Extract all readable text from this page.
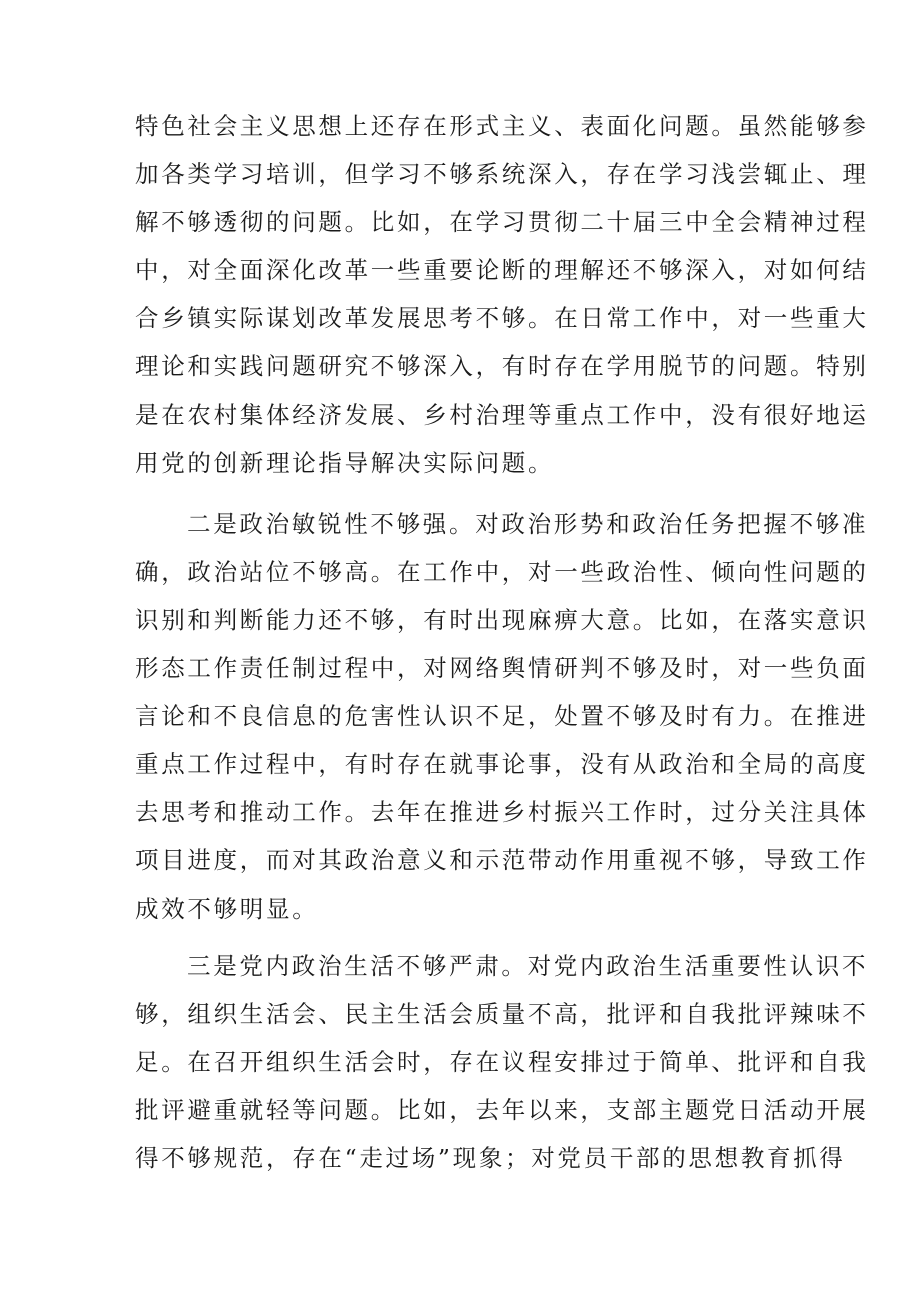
特色社会主义思想上还存在形式主义、表面化问题。虽然能够参
加各类学习培训，但学习不够系统深入，存在学习浅尝辄止、理
解不够透彻的问题。比如，在学习贯彻二十届三中全会精神过程
中，对全面深化改革一些重要论断的理解还不够深入，对如何结
合乡镇实际谋划改革发展思考不够。在日常工作中，对一些重大
理论和实践问题研究不够深入，有时存在学用脱节的问题。特别
是在农村集体经济发展、乡村治理等重点工作中，没有很好地运
用党的创新理论指导解决实际问题。
二是政治敏锐性不够强。对政治形势和政治任务把握不够准
确，政治站位不够高。在工作中，对一些政治性、倾向性问题的
识别和判断能力还不够，有时出现麻痹大意。比如，在落实意识
形态工作责任制过程中，对网络舆情研判不够及时，对一些负面
言论和不良信息的危害性认识不足，处置不够及时有力。在推进
重点工作过程中，有时存在就事论事，没有从政治和全局的高度
去思考和推动工作。去年在推进乡村振兴工作时，过分关注具体
项目进度，而对其政治意义和示范带动作用重视不够，导致工作
成效不够明显。
三是党内政治生活不够严肃。对党内政治生活重要性认识不
够，组织生活会、民主生活会质量不高，批评和自我批评辣味不
足。在召开组织生活会时，存在议程安排过于简单、批评和自我
批评避重就轻等问题。比如，去年以来，支部主题党日活动开展
得不够规范，存在“走过场”现象；对党员干部的思想教育抓得
